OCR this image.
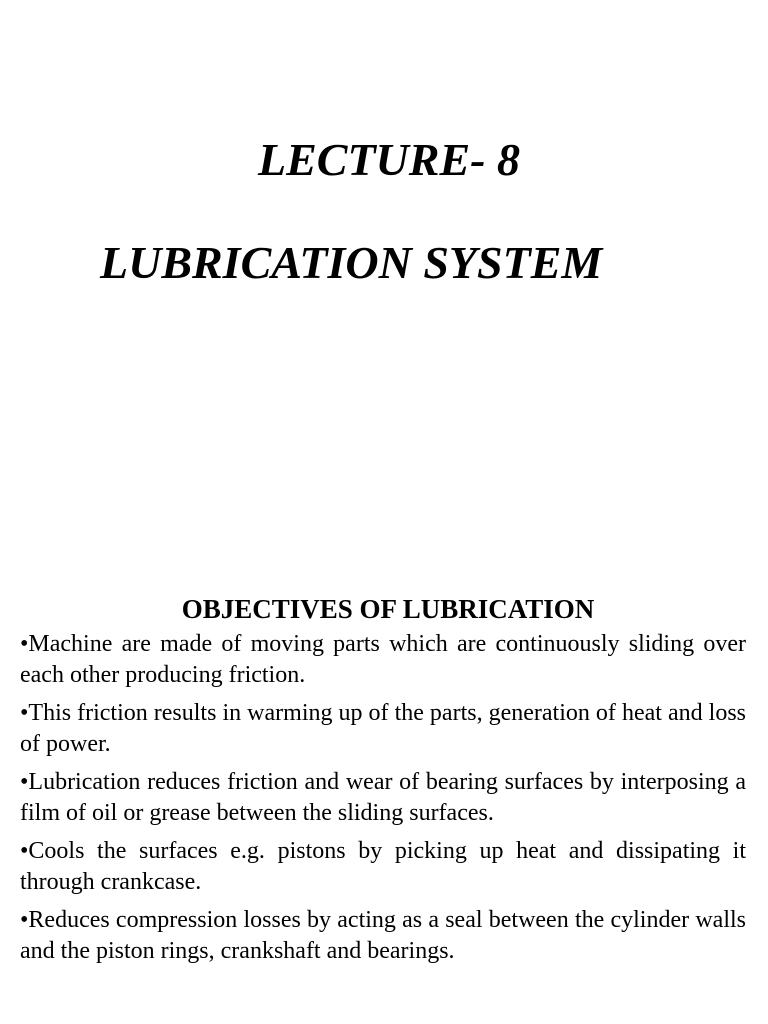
LECTURE- 8
LUBRICATION SYSTEM
OBJECTIVES OF LUBRICATION
•Machine are made of moving parts which are continuously sliding over each other producing friction.
•This friction results in warming up of the parts, generation of heat and loss of power.
•Lubrication reduces friction and wear of bearing surfaces by interposing a film of oil or grease between the sliding surfaces.
•Cools the surfaces e.g. pistons by picking up heat and dissipating it through crankcase.
•Reduces compression losses by acting as a seal between the cylinder walls and the piston rings, crankshaft and bearings.
